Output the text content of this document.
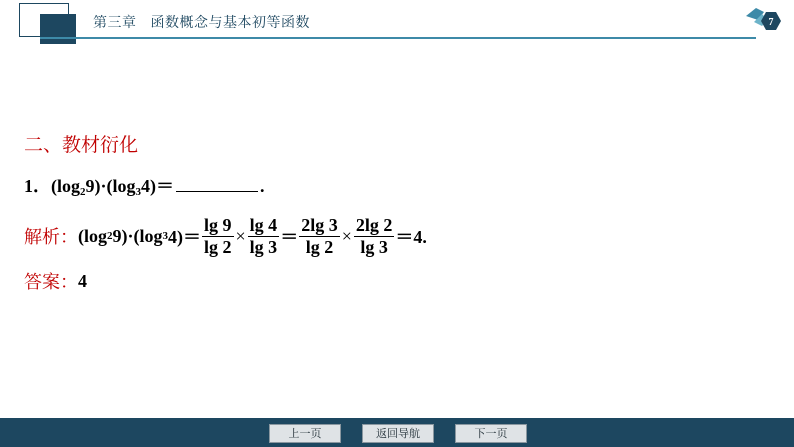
第三章 函数概念与基本初等函数	7
二、教材衍化
1．$(\log_29)\cdot(\log_34)=$	.
解析： (log 2 9)·(log 3 $4)= \frac{\lg 9}{\lg 2} \times \frac{\lg 4}{\lg 3} = \frac{2\lg 3}{\lg 2} \times \frac{2\lg 2}{\lg 3} =4$.
答案： 4
上一页	返回导航	下一页
